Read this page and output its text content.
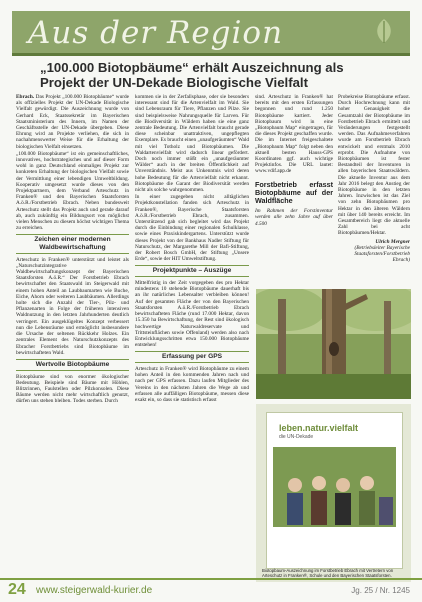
Aus der Region
„100.000 Biotopbäume“ erhält Auszeichnung als Projekt der UN-Dekade Biologische Vielfalt

Ebrach. Das Projekt „100.000 Biotopbäume“ wurde als offizielles Projekt der UN-Dekade Biologische Vielfalt gewürdigt. Die Auszeichnung wurde von Gerhard Eck, Staatssekretär im Bayerischen Staatsministerium des Innern, im Namen der Geschäftsstelle der UN-Dekade übergeben. Diese Ehrung wird an Projekte verliehen, die sich in nachahmenswerter Weise für die Erhaltung der biologischen Vielfalt einsetzen.

„100.000 Biotopbäume“ ist ein gemeinschaftliches, innovatives, hochstrategisches und auf dieser Form wohl in ganz Deutschland einmaliges Projekt zur konkreten Erhaltung der biologischen Vielfalt sowie der Vermittlung einer lebendigen Umweltbildung. Kooperativ umgesetzt wurde dieses von den Projektpartnern, dem Verband Arteschutz in Franken® und den Bayerischen Staatsforsten A.ö.R./Forstbetrieb Ebrach. Neben bundesweit Arteschutz stellt das Projekt auch und gerade darauf ab, auch zukünftig ein Bildungsort von möglichst vielen Menschen zu diesem höchst wichtigen Thema zu erreichen.

Zeichen einer modernen Waldbewirtschaftung

Arteschutz in Franken® unterstützt und leistet als „Naturschutzintegrative Waldbewirtschaftungskonzept der Bayerischen Staatsforsten A.ö.R.“ Der Forstbetrieb Ebrach bewirtschaftet den Staatswald im Steigerwald mit einem hohen Anteil an Laubbaumarten wie Buche, Eiche, Ahorn oder weiteren Laubbäumen. Allerdings holte sich die Anzahl der Tier-, Pilz- und Pflanzenarten in Folge der früheren intensiven Waldnutzung in den letzten Jahrhunderten deutlich verringert. Ein ausgeklügeltes Konzept verbessert nun die Lebensräume und ermöglicht insbesondere die Ursache der seltenen Rückkehr Holzes. Ein zentrales Element des Naturschutzkonzepts des Ebracher Forstbetriebs sind Biotopbäume im bewirtschafteten Wald.

Wertvolle Biotopbäume

Biotopbäume sind von enormer ökologischer Bedeutung. Beispiele sind Bäume mit Höhlen, Blitzrinnen, Faulstellen oder Pilzkonsolen. Diese Bäume werden nicht mehr wirtschaftlich genutzt, dürfen uns stehen bleiben. Todes sterben. Durch

kommen sie in der Zerfallsphase, oder sie besonders interessant sind für die Artenvielfalt im Wald. Sie sind Lebensraum für Tiere, Pflanzen und Pilze. Sie sind beispielsweise Nahrungsquelle für Larven. Für die Biodiversität in Wäldern haben sie eine ganz zentrale Bedeutung. Die Artenvielfalt braucht gerade diese scheinbar unattraktiven, ungepflegten Exemplare. Es braucht einen „unaufgeräumten“ Wald mit viel Totholz und Biotopbäumen. Die Waldartenvielfalt wird dadurch linear gefördert. Doch noch immer stößt ein „unaufgeräumter Wälder“ auch in der breiten Öffentlichkeit auf Unverständnis. Meist aus Unkenntnis wird deren hohe Bedeutung für die Artenvielfalt nicht erkannt. Biotopbäume die Garant der Biodiversität werden nicht als solche wahrgenommen.

In einer zugegeben nicht alltäglichen Projektkonstellation fanden sich Arteschutz in Franken®, Bayerische Staatsforsten A.ö.R./Forstbetrieb Ebrach, zusammen. Unterstützend gab sich begleitet wird das Projekt durch die Einbindung einer regionalen Schulklasse, sowie eines Praxiskindergartens. Unterstützt wurde dieses Projekt von der Bankhaus Nadler Stiftung für Naturschutz, der Margarethe Mill der Bafi-Stiftung, der Robert Bosch GmbH, der Stiftung „Unsere Erde“, sowie der HIT Umweltstiftung.

Projektpunkte – Auszüge

Mittelfristig in der Zeit vorgegeben des pro Hektar mindestens 10 stehende Biotopbäume dauerhaft bis an ihr natürliches Lebensalter verbleiben können! Auf der gesamten Fläche der von den Bayerischen Staatsforsten A.ö.R./Forstbetrieb Ebrach bewirtschafteten Fläche (rund 17.000 Hektar, davon 15.350 ha Bewirtschaftung, der Rest sind ökologisch hochwertige Naturwaldreservate und Trittsteinflächen sowie Offenland) werden also nach Entwicklungsschritten etwa 150.000 Biotopbäume entstehen!

Erfassung per GPS

Arteschutz in Franken® wird Biotopbäume zu einem hohen Anteil in den kommenden Jahren nach und nach per GPS erfassen. Dazu laufen Mitglieder des Vereins in den nächsten Jahren die Wege ab und erfassen alle auffälligen Biotopbäume, messen diese exakt ein, so dass sie statistisch erfasst

sind. Arteschutz in Franken® hat bereits mit den ersten Erfassungen begonnen und rund 1.250 Biotopbäume kartiert. Jeder Biotopbaum wird in eine „Biotopbaum Map“ eingetragen, für die dieses Projekt geschaffen wurde. Die im Internet freigeschaltete „Biotopbaum Map“ folgt neben den aktuell besten Hauss-GPS Koordinaten ggf. auch wichtige Projektinfos. Die URL lautet: www.vdif.app.de

Forstbetrieb erfasst Biotopbäume auf der Waldfläche

Im Rahmen der Forstinventur werden alle zehn Jahre auf über 4.500

Probekreise Biotopbäume erfasst. Durch Hochrechnung kann mit hoher Genauigkeit die Gesamtzahl der Biotopbäume im Forstbetrieb Ebrach ermittelt und Veränderungen festgestellt werden. Das Aufnahmeverfahren wurde am Forstbetrieb Ebrach entwickelt und erstmals 2010 erprobt. Die Aufnahme von Biotopbäumen ist fester Bestandteil der Inventuren in allen bayerischen Staatswäldern. Die aktuelle Inventur aus dem Jahr 2016 belegt den Anstieg der Biotopbäume in den letzten Jahren. Inzwischen ist das Ziel von zehn Biotopbäumen pro Hektar in den älteren Wäldern mit über 140 bereits erreicht. Im Gesamtbereich liegt die aktuelle Zahl bei acht Biotopbäumen/Hektar.

Ulrich Mergner
(Betriebsleiter Bayerische Staatsforsten/Forstbetrieb Ebrach)
leben.natur.vielfalt
die UN-Dekade
Biotopbaum-Auszeichnung im Forstbetrieb Ebrach mit Vertretern von Arteschutz in Franken®, Schule und den Bayerischen Staatsforsten.
24 www.steigerwald-kurier.de	Jg. 25 / Nr. 1245
